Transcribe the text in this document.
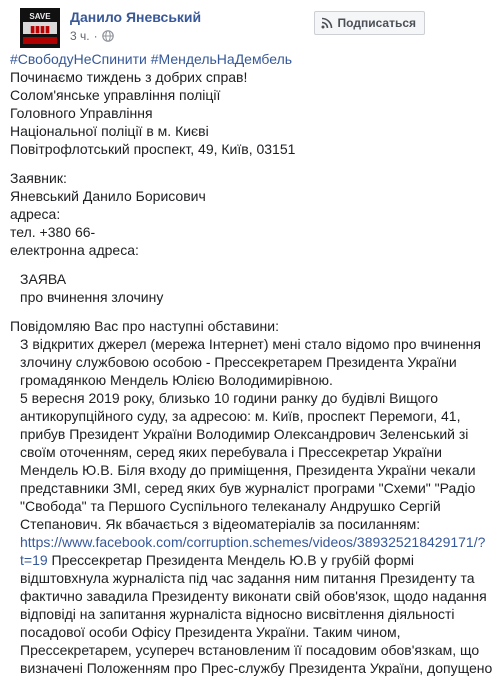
SAVE
▮▮▮▮
Данило Яневський
3 ч. ·
Подписаться
#СвободуНеСпинити #МендельНаДембель
Починаємо тиждень з добрих справ!
Солом'янське управління поліції
Головного Управління
Національної поліції в м. Києві
Повітрофлотський проспект, 49, Київ, 03151
Заявник:
Яневський Данило Борисович
адреса:
тел. +380 66-
електронна адреса:
ЗАЯВА
про вчинення злочину
Повідомляю Вас про наступні обставини:
З відкритих джерел (мережа Інтернет) мені стало відомо про вчинення
злочину службовою особою - Прессекретарем Президента України
громадянкою Мендель Юлією Володимирівною.
5 вересня 2019 року, близько 10 години ранку до будівлі Вищого
антикорупційного суду, за адресою: м. Київ, проспект Перемоги, 41,
прибув Президент України Володимир Олександрович Зеленський зі
своїм оточенням, серед яких перебувала і Прессекретар України
Мендель Ю.В. Біля входу до приміщення, Президента України чекали
представники ЗМІ, серед яких був журналіст програми "Схеми" "Радіо
"Свобода" та Першого Суспільного телеканалу Андрушко Сергій
Степанович. Як вбачається з відеоматеріалів за посиланням:
https://www.facebook.com/corruption.schemes/videos/389325218429171/?
t=19 Прессекретар Президента Мендель Ю.В у грубій формі
відштовхнула журналіста під час задання ним питання Президенту та
фактично завадила Президенту виконати свій обов'язок, щодо надання
відповіді на запитання журналіста відносно висвітлення діяльності
посадової особи Офісу Президента України. Таким чином,
Прессекретарем, усупереч встановленим її посадовим обов'язкам, що
визначені Положенням про Прес-службу Президента України, допущено
